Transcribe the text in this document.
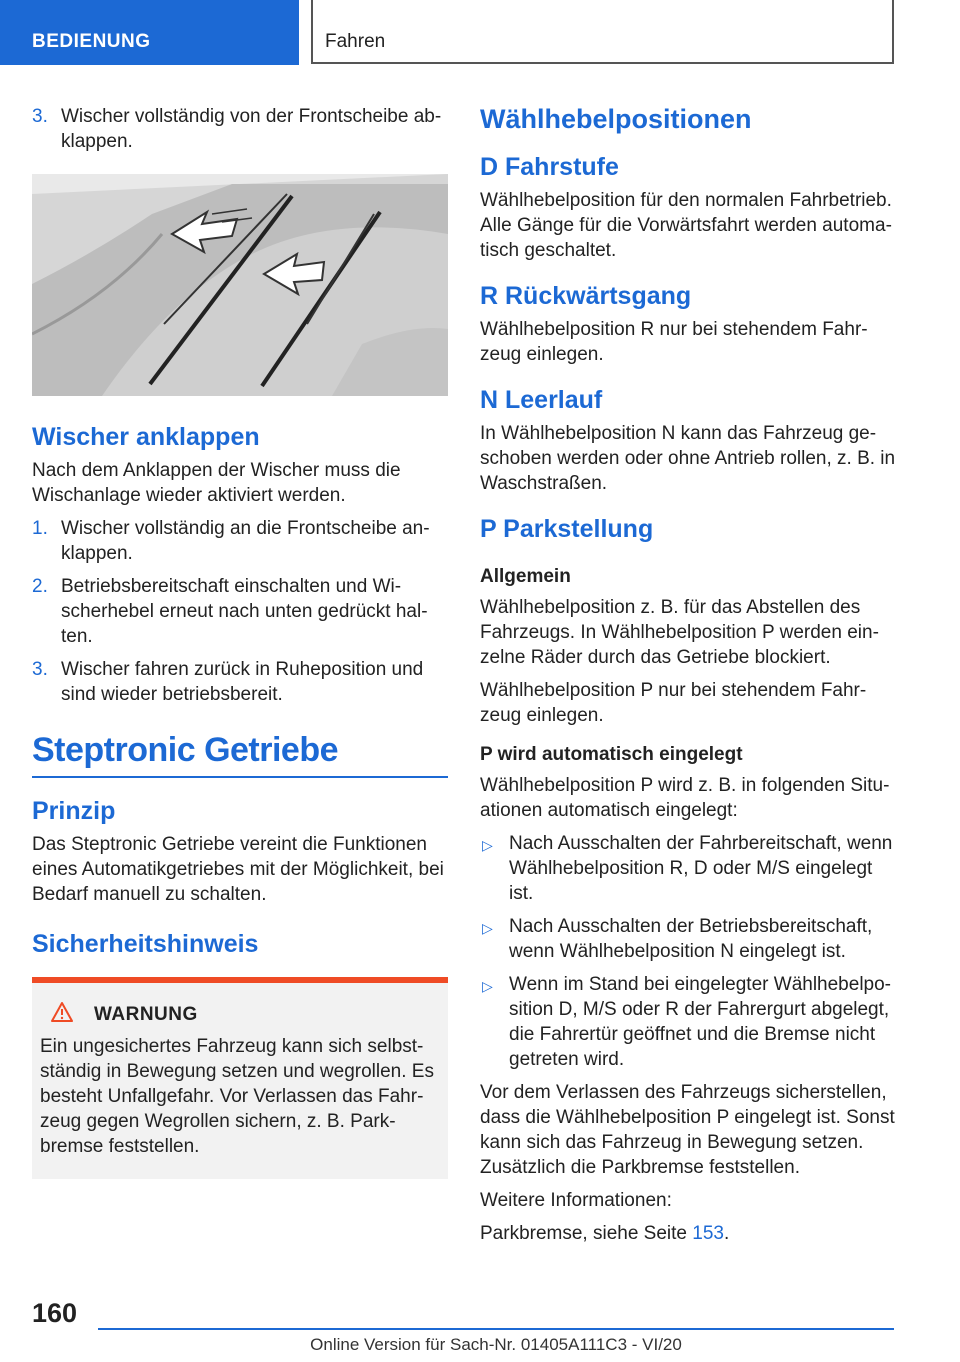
BEDIENUNG	Fahren
3. Wischer vollständig von der Frontscheibe abklappen.
Wischer anklappen

Nach dem Anklappen der Wischer muss die Wischanlage wieder aktiviert werden.

1. Wischer vollständig an die Frontscheibe anklappen.
2. Betriebsbereitschaft einschalten und Wischerhebel erneut nach unten gedrückt halten.
3. Wischer fahren zurück in Ruheposition und sind wieder betriebsbereit.
Steptronic Getriebe
Prinzip

Das Steptronic Getriebe vereint die Funktionen eines Automatikgetriebes mit der Möglichkeit, bei Bedarf manuell zu schalten.

Sicherheitshinweis
WARNUNG

Ein ungesichertes Fahrzeug kann sich selbstständig in Bewegung setzen und wegrollen. Es besteht Unfallgefahr. Vor Verlassen das Fahrzeug gegen Wegrollen sichern, z. B. Parkbremse feststellen.

Wählhebelpositionen
D Fahrstufe

Wählhebelposition für den normalen Fahrbetrieb. Alle Gänge für die Vorwärtsfahrt werden automatisch geschaltet.

R Rückwärtsgang

Wählhebelposition R nur bei stehendem Fahrzeug einlegen.

N Leerlauf

In Wählhebelposition N kann das Fahrzeug geschoben werden oder ohne Antrieb rollen, z. B. in Waschstraßen.

P Parkstellung
Allgemein

Wählhebelposition z. B. für das Abstellen des Fahrzeugs. In Wählhebelposition P werden einzelne Räder durch das Getriebe blockiert.

Wählhebelposition P nur bei stehendem Fahrzeug einlegen.

P wird automatisch eingelegt

Wählhebelposition P wird z. B. in folgenden Situationen automatisch eingelegt:

▷ Nach Ausschalten der Fahrbereitschaft, wenn Wählhebelposition R, D oder M/S eingelegt ist.
▷ Nach Ausschalten der Betriebsbereitschaft, wenn Wählhebelposition N eingelegt ist.
▷ Wenn im Stand bei eingelegter Wählhebelposition D, M/S oder R der Fahrergurt abgelegt, die Fahrertür geöffnet und die Bremse nicht getreten wird.

Vor dem Verlassen des Fahrzeugs sicherstellen, dass die Wählhebelposition P eingelegt ist. Sonst kann sich das Fahrzeug in Bewegung setzen. Zusätzlich die Parkbremse feststellen.

Weitere Informationen:

Parkbremse, siehe Seite 153.

160
Online Version für Sach-Nr. 01405A111C3 - VI/20
